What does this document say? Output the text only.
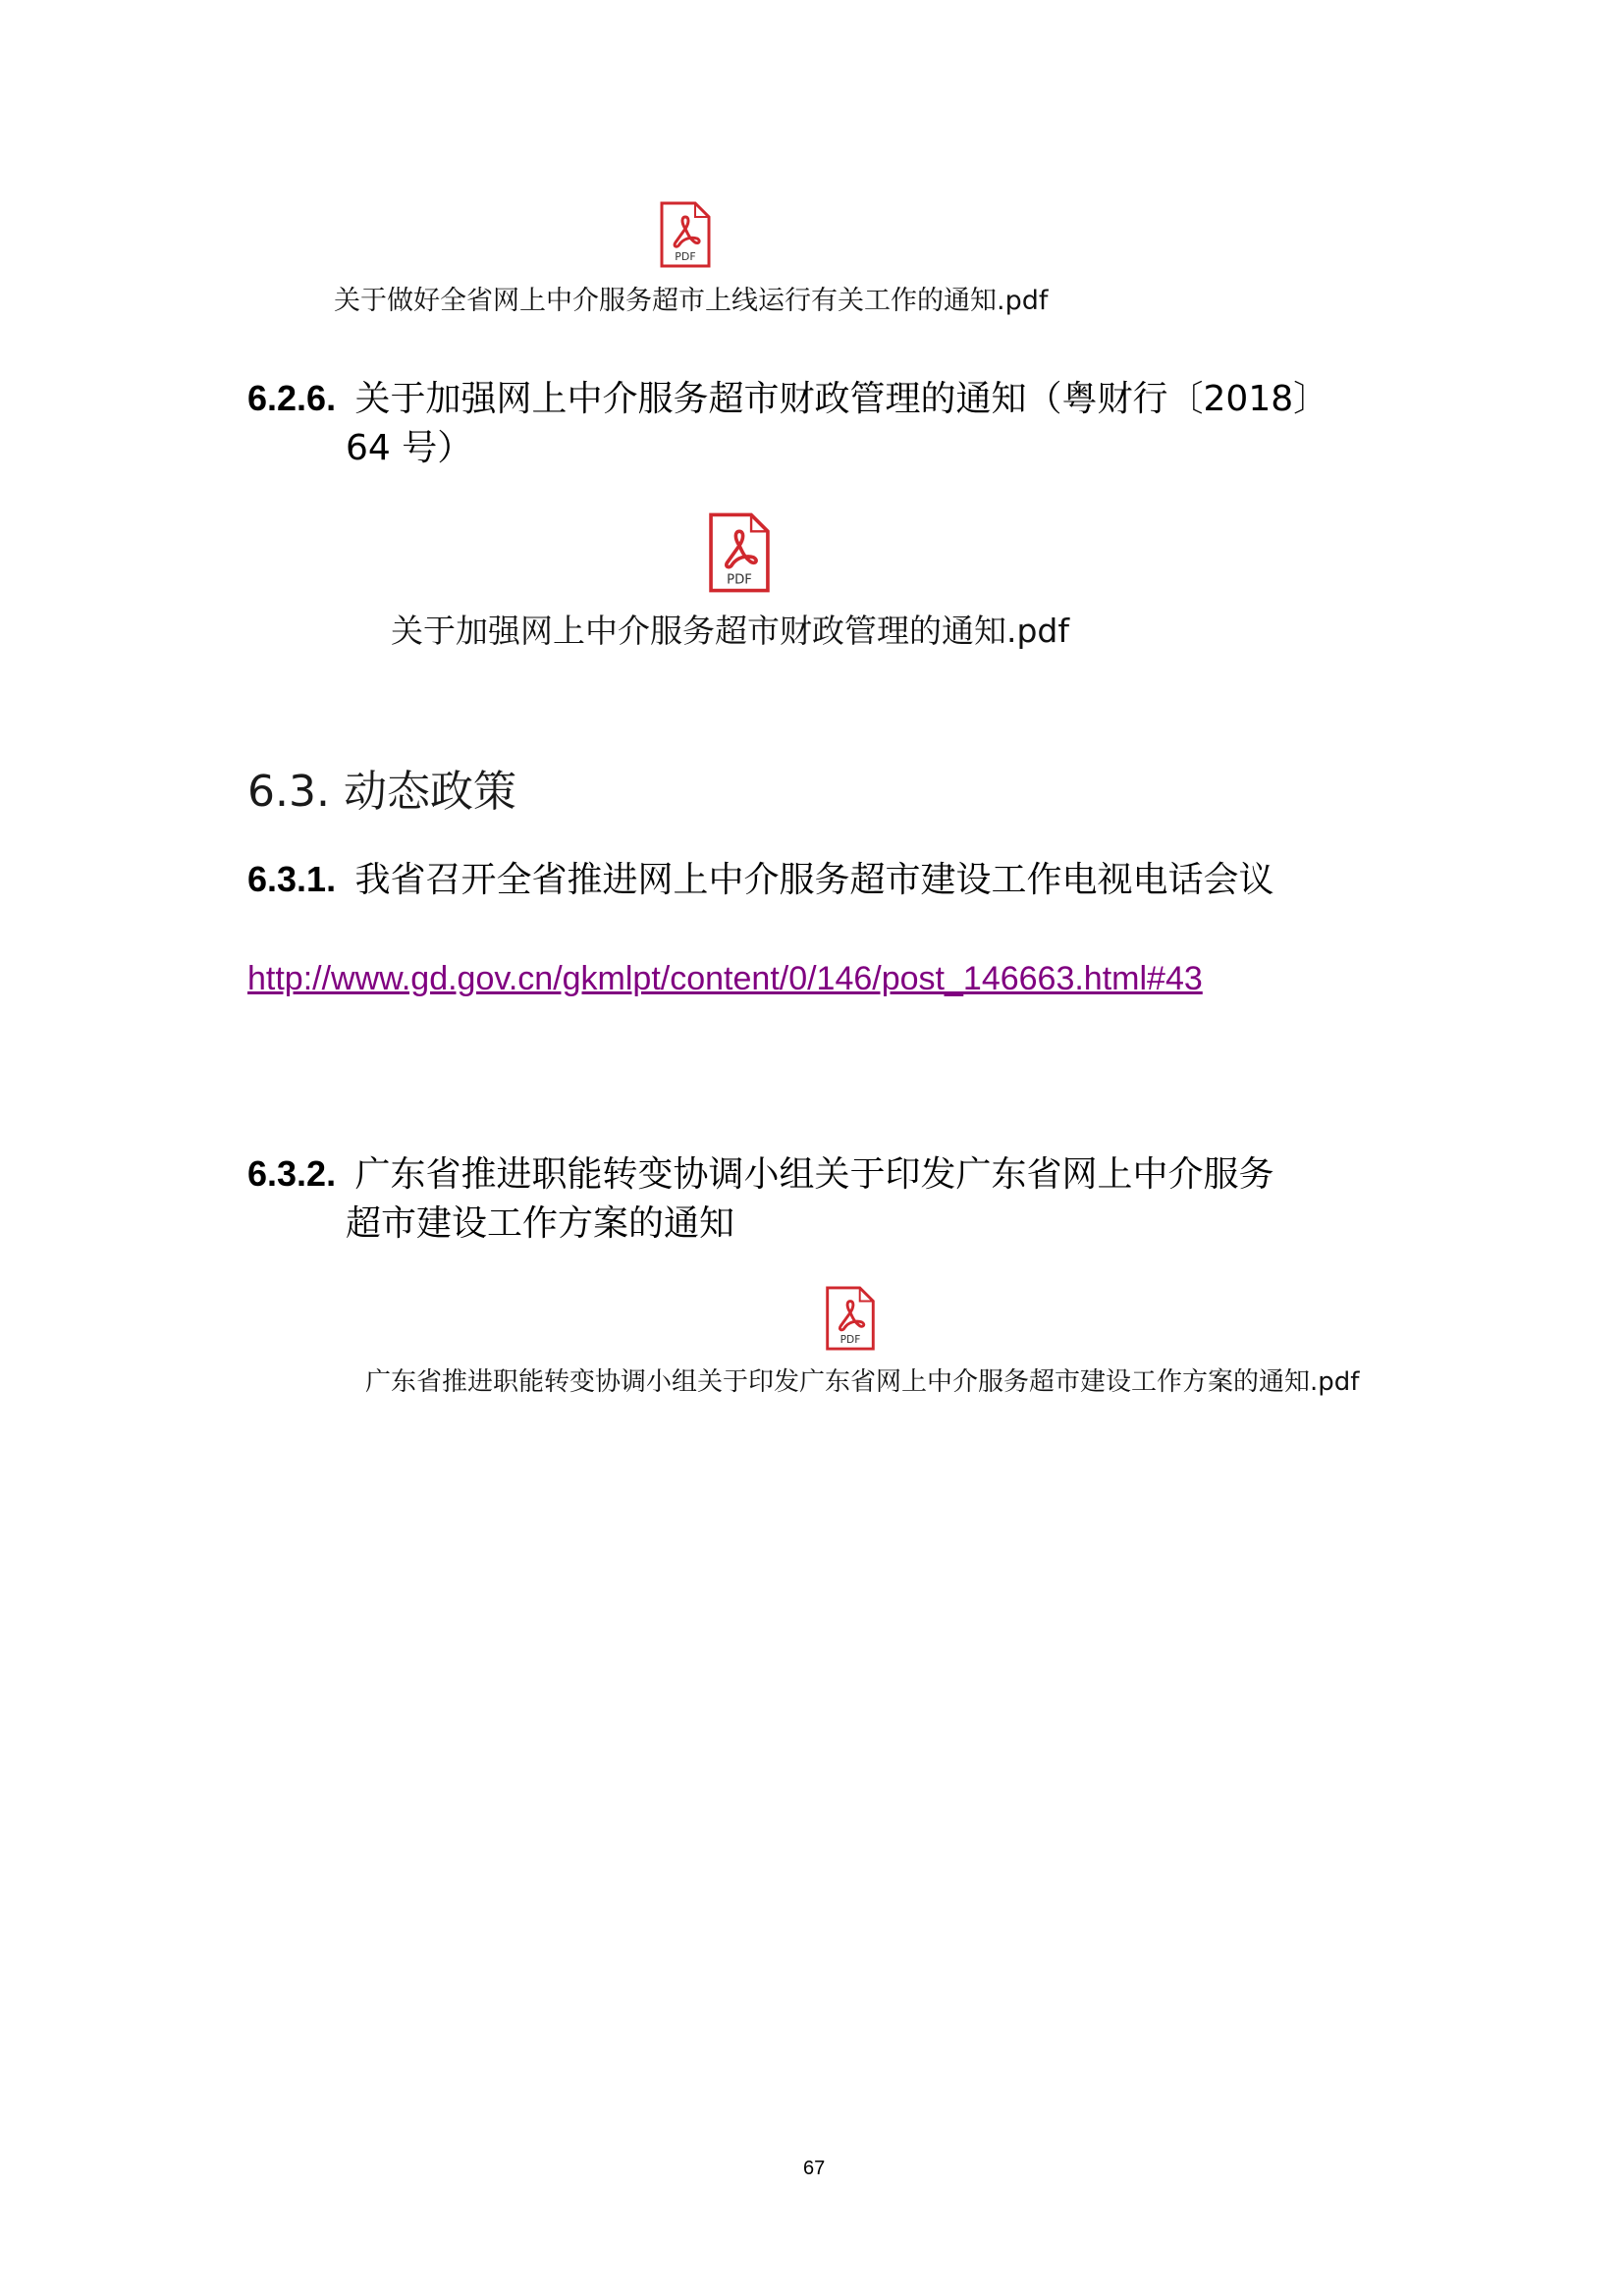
PDF
关于做好全省网上中介服务超市上线运行有关工作的通知.pdf
6.2.6. 关于加强网上中介服务超市财政管理的通知（粤财行〔2018〕
64 号）
PDF
关于加强网上中介服务超市财政管理的通知.pdf
6.3. 动态政策
6.3.1. 我省召开全省推进网上中介服务超市建设工作电视电话会议
http://www.gd.gov.cn/gkmlpt/content/0/146/post_146663.html#43
6.3.2. 广东省推进职能转变协调小组关于印发广东省网上中介服务
超市建设工作方案的通知
PDF
广东省推进职能转变协调小组关于印发广东省网上中介服务超市建设工作方案的通知.pdf
67
